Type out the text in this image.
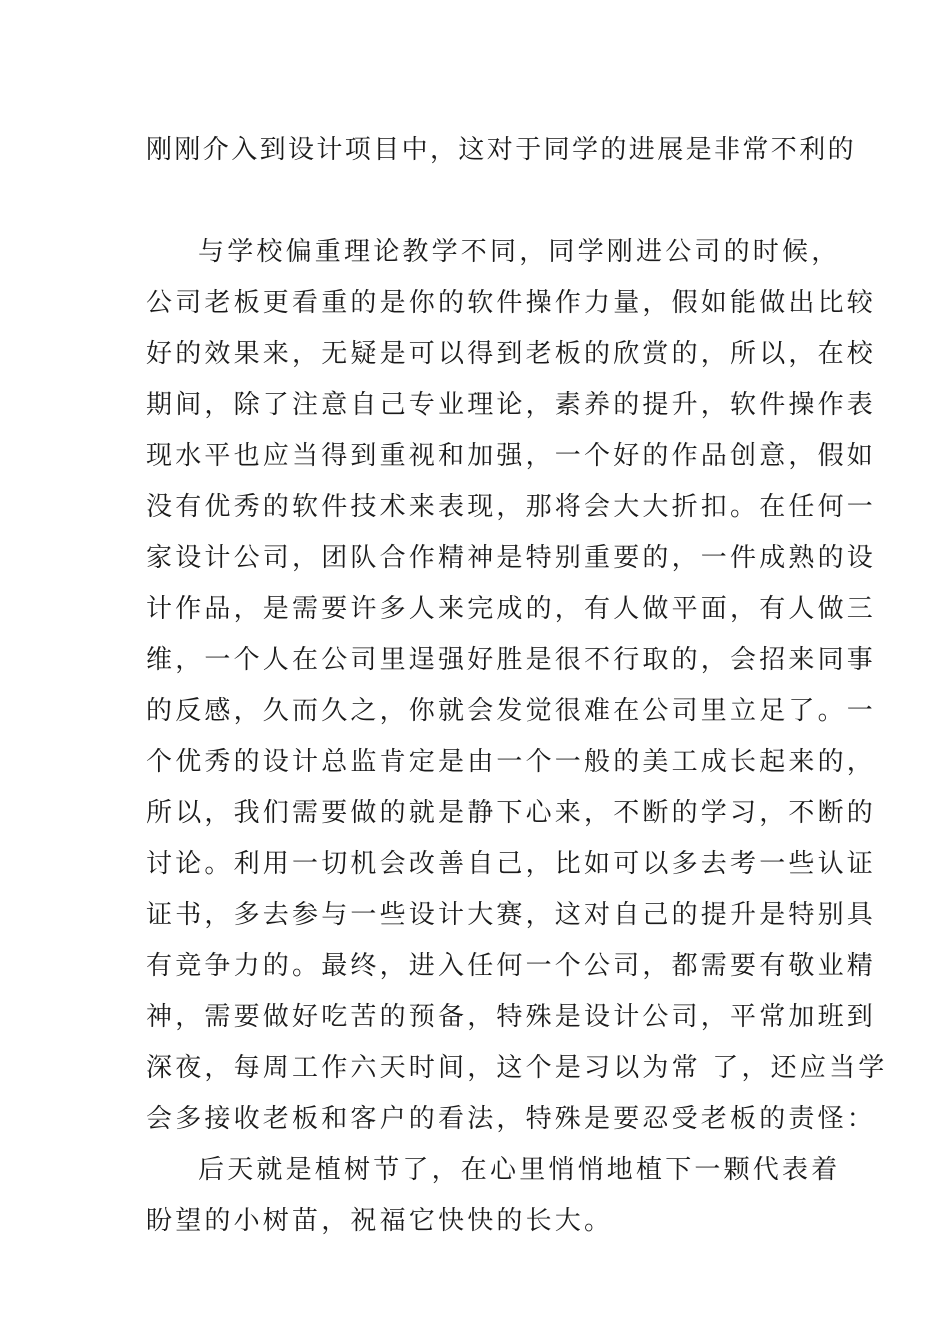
刚刚介入到设计项目中，这对于同学的进展是非常不利的
与学校偏重理论教学不同，同学刚进公司的时候，
公司老板更看重的是你的软件操作力量，假如能做出比较
好的效果来，无疑是可以得到老板的欣赏的，所以，在校
期间，除了注意自己专业理论，素养的提升，软件操作表
现水平也应当得到重视和加强，一个好的作品创意，假如
没有优秀的软件技术来表现，那将会大大折扣。在任何一
家设计公司，团队合作精神是特别重要的，一件成熟的设
计作品，是需要许多人来完成的，有人做平面，有人做三
维，一个人在公司里逞强好胜是很不行取的，会招来同事
的反感，久而久之，你就会发觉很难在公司里立足了。一
个优秀的设计总监肯定是由一个一般的美工成长起来的，
所以，我们需要做的就是静下心来，不断的学习，不断的
讨论。利用一切机会改善自己，比如可以多去考一些认证
证书，多去参与一些设计大赛，这对自己的提升是特别具
有竞争力的。最终，进入任何一个公司，都需要有敬业精
神，需要做好吃苦的预备，特殊是设计公司，平常加班到
深夜，每周工作六天时间，这个是习以为常 了，还应当学
会多接收老板和客户的看法，特殊是要忍受老板的责怪：
后天就是植树节了，在心里悄悄地植下一颗代表着
盼望的小树苗，祝福它快快的长大。
